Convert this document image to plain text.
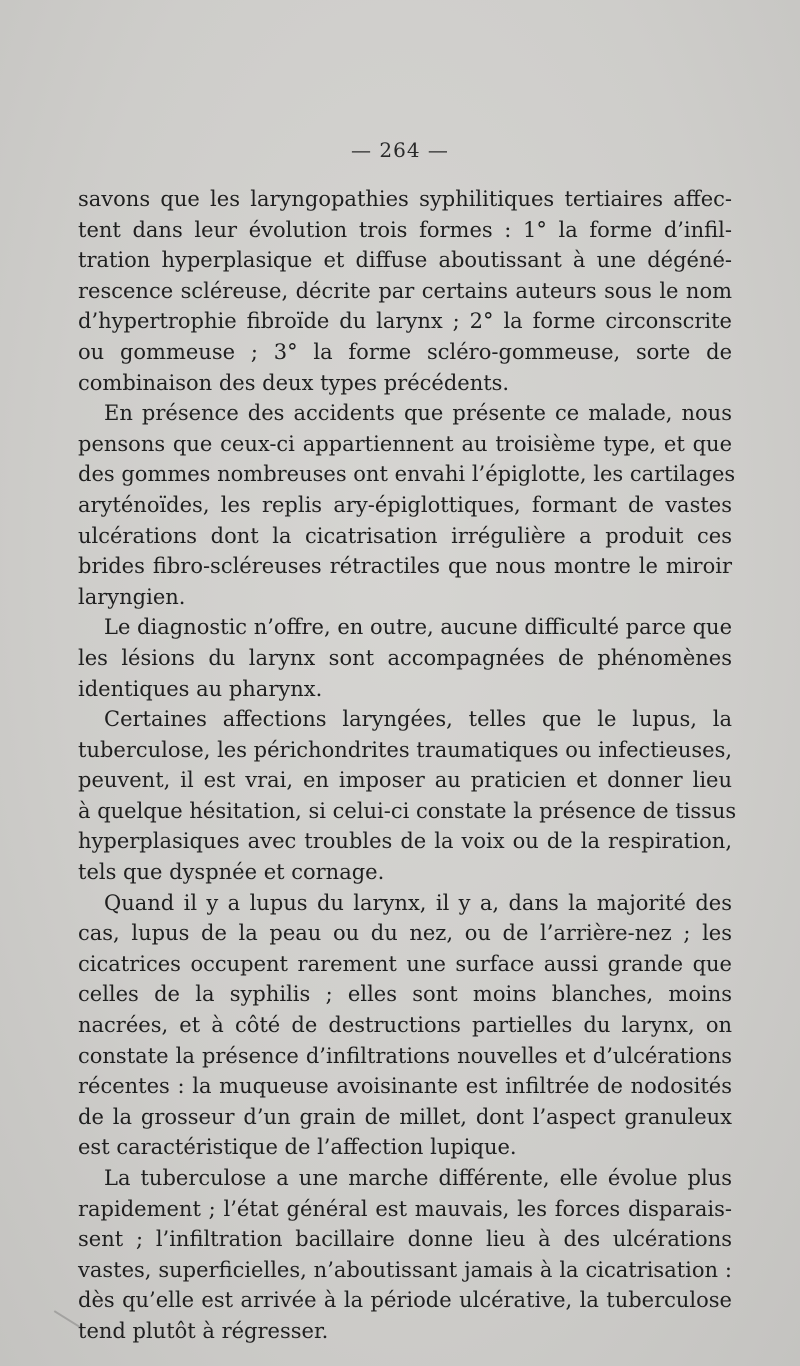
— 264 —
savons que les laryngopathies syphilitiques tertiaires affec-
tent dans leur évolution trois formes : 1° la forme d’infil-
tration hyperplasique et diffuse aboutissant à une dégéné-
rescence scléreuse, décrite par certains auteurs sous le nom
d’hypertrophie fibroïde du larynx ; 2° la forme circonscrite
ou gommeuse ; 3° la forme scléro-gommeuse, sorte de
combinaison des deux types précédents.
En présence des accidents que présente ce malade, nous
pensons que ceux-ci appartiennent au troisième type, et que
des gommes nombreuses ont envahi l’épiglotte, les cartilages
aryténoïdes, les replis ary-épiglottiques, formant de vastes
ulcérations dont la cicatrisation irrégulière a produit ces
brides fibro-scléreuses rétractiles que nous montre le miroir
laryngien.
Le diagnostic n’offre, en outre, aucune difficulté parce que
les lésions du larynx sont accompagnées de phénomènes
identiques au pharynx.
Certaines affections laryngées, telles que le lupus, la
tuberculose, les périchondrites traumatiques ou infectieuses,
peuvent, il est vrai, en imposer au praticien et donner lieu
à quelque hésitation, si celui-ci constate la présence de tissus
hyperplasiques avec troubles de la voix ou de la respiration,
tels que dyspnée et cornage.
Quand il y a lupus du larynx, il y a, dans la majorité des
cas, lupus de la peau ou du nez, ou de l’arrière-nez ; les
cicatrices occupent rarement une surface aussi grande que
celles de la syphilis ; elles sont moins blanches, moins
nacrées, et à côté de destructions partielles du larynx, on
constate la présence d’infiltrations nouvelles et d’ulcérations
récentes : la muqueuse avoisinante est infiltrée de nodosités
de la grosseur d’un grain de millet, dont l’aspect granuleux
est caractéristique de l’affection lupique.
La tuberculose a une marche différente, elle évolue plus
rapidement ; l’état général est mauvais, les forces disparais-
sent ; l’infiltration bacillaire donne lieu à des ulcérations
vastes, superficielles, n’aboutissant jamais à la cicatrisation :
dès qu’elle est arrivée à la période ulcérative, la tuberculose
tend plutôt à régresser.
